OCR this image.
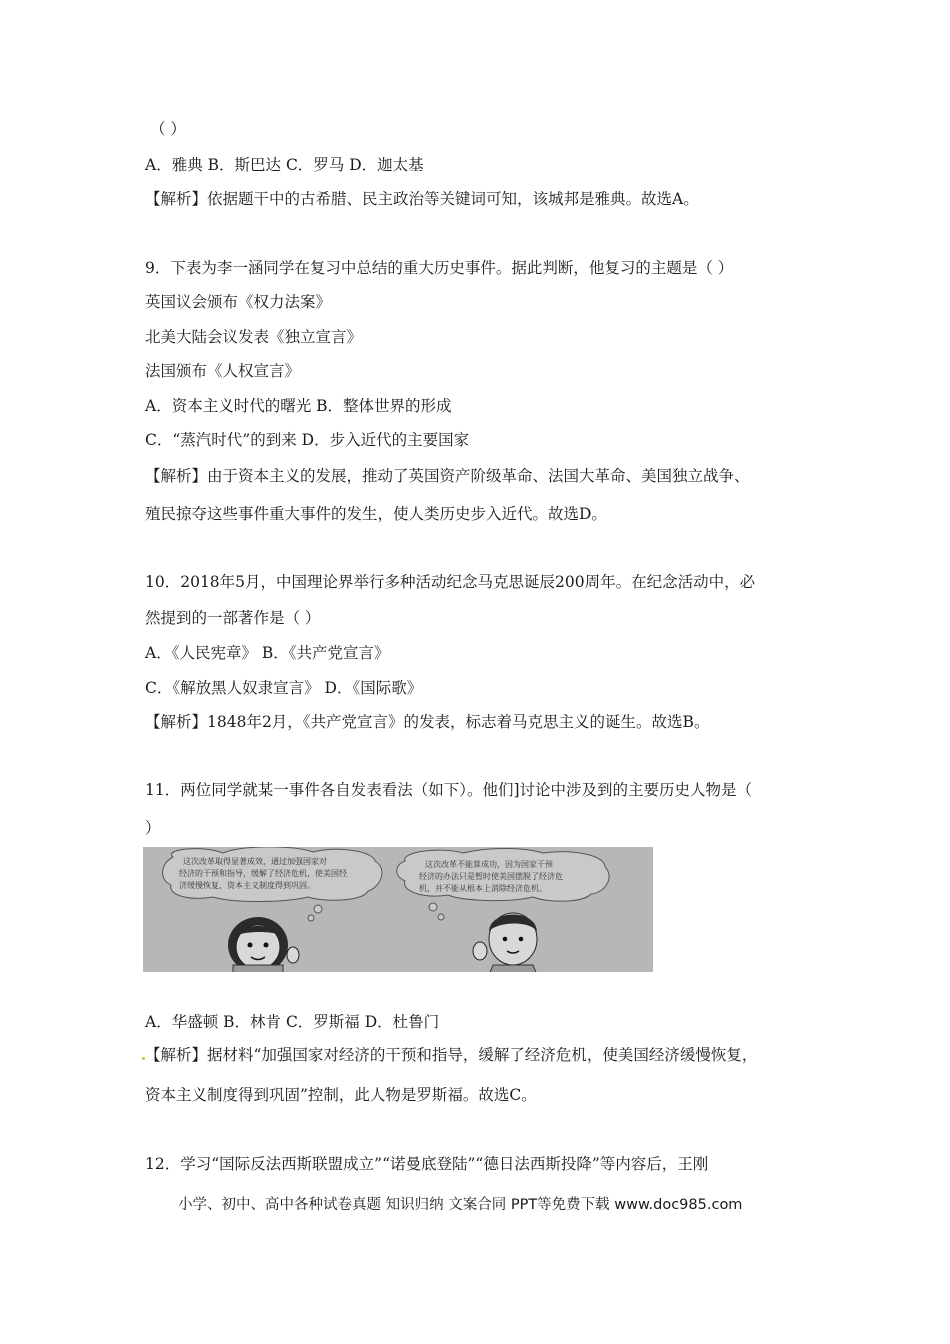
（ ）
A．雅典 B．斯巴达 C．罗马 D．迦太基
【解析】依据题干中的古希腊、民主政治等关键词可知，该城邦是雅典。故选A。
9．下表为李一涵同学在复习中总结的重大历史事件。据此判断，他复习的主题是（ ）
英国议会颁布《权力法案》
北美大陆会议发表《独立宣言》
法国颁布《人权宣言》
A．资本主义时代的曙光 B．整体世界的形成
C．“蒸汽时代”的到来 D．步入近代的主要国家
【解析】由于资本主义的发展，推动了英国资产阶级革命、法国大革命、美国独立战争、
殖民掠夺这些事件重大事件的发生，使人类历史步入近代。故选D。
10．2018年5月，中国理论界举行多种活动纪念马克思诞辰200周年。在纪念活动中，必
然提到的一部著作是（ ）
A．《人民宪章》 B．《共产党宣言》
C．《解放黑人奴隶宣言》 D．《国际歌》
【解析】1848年2月，《共产党宣言》的发表，标志着马克思主义的诞生。故选B。
11．两位同学就某一事件各自发表看法（如下）。他们]讨论中涉及到的主要历史人物是（
）
这次改革取得显著成效，通过加强国家对
经济的干预和指导，缓解了经济危机，使美国经
济缓慢恢复，资本主义制度得到巩固。
这次改革不能算成功，因为国家干预
经济的办法只是暂时使美国摆脱了经济危
机，并不能从根本上消除经济危机。
A．华盛顿 B．林肯 C．罗斯福 D．杜鲁门
【解析】据材料“加强国家对经济的干预和指导，缓解了经济危机，使美国经济缓慢恢复，
资本主义制度得到巩固”控制，此人物是罗斯福。故选C。
12．学习“国际反法西斯联盟成立”“诺曼底登陆”“德日法西斯投降”等内容后，王刚
小学、初中、高中各种试卷真题 知识归纳 文案合同 PPT等免费下载 www.doc985.com
